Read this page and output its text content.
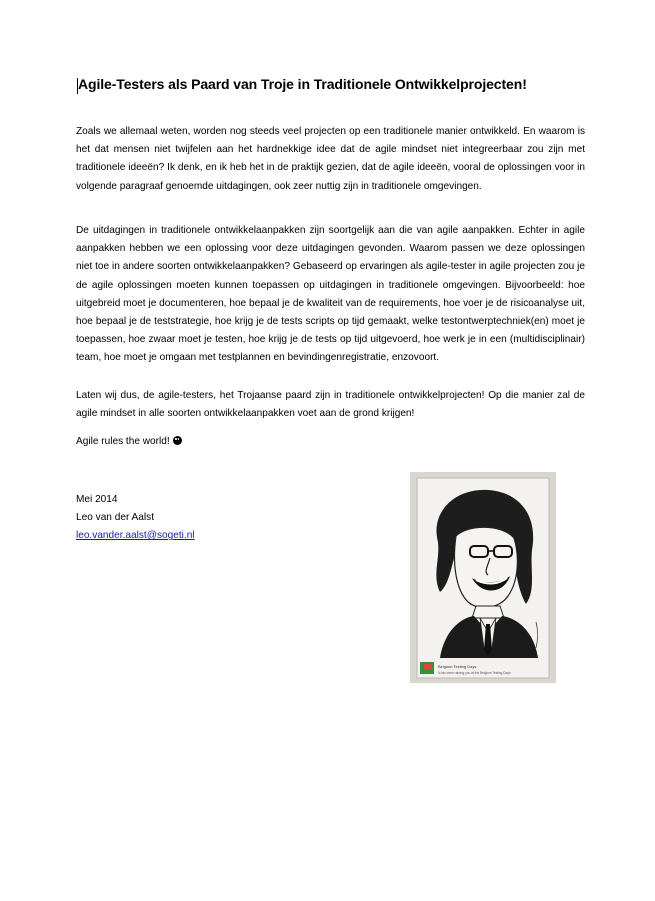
Agile-Testers als Paard van Troje in Traditionele Ontwikkelprojecten!
Zoals we allemaal weten, worden nog steeds veel projecten op een traditionele manier ontwikkeld. En waarom is het dat mensen niet twijfelen aan het hardnekkige idee dat de agile mindset niet integreerbaar zou zijn met traditionele ideeën? Ik denk, en ik heb het in de praktijk gezien, dat de agile ideeën, vooral de oplossingen voor in volgende paragraaf genoemde uitdagingen, ook zeer nuttig zijn in traditionele omgevingen.
De uitdagingen in traditionele ontwikkelaanpakken zijn soortgelijk aan die van agile aanpakken. Echter in agile aanpakken hebben we een oplossing voor deze uitdagingen gevonden. Waarom passen we deze oplossingen niet toe in andere soorten ontwikkelaanpakken? Gebaseerd op ervaringen als agile-tester in agile projecten zou je de agile oplossingen moeten kunnen toepassen op uitdagingen in traditionele omgevingen. Bijvoorbeeld: hoe uitgebreid moet je documenteren, hoe bepaal je de kwaliteit van de requirements, hoe voer je de risicoanalyse uit, hoe bepaal je de teststrategie, hoe krijg je de tests scripts op tijd gemaakt, welke testontwerptechniek(en) moet je toepassen, hoe zwaar moet je testen, hoe krijg je de tests op tijd uitgevoerd, hoe werk je in een (multidisciplinair) team, hoe moet je omgaan met testplannen en bevindingenregistratie, enzovoort.
Laten wij dus, de agile-testers, het Trojaanse paard zijn in traditionele ontwikkelprojecten! Op die manier zal de agile mindset in alle soorten ontwikkelaanpakken voet aan de grond krijgen!
Agile rules the world!
Mei 2014
Leo van der Aalst
leo.vander.aalst@sogeti.nl
Belgium Testing Days
It has been raining you at the Belgium Testing Days
